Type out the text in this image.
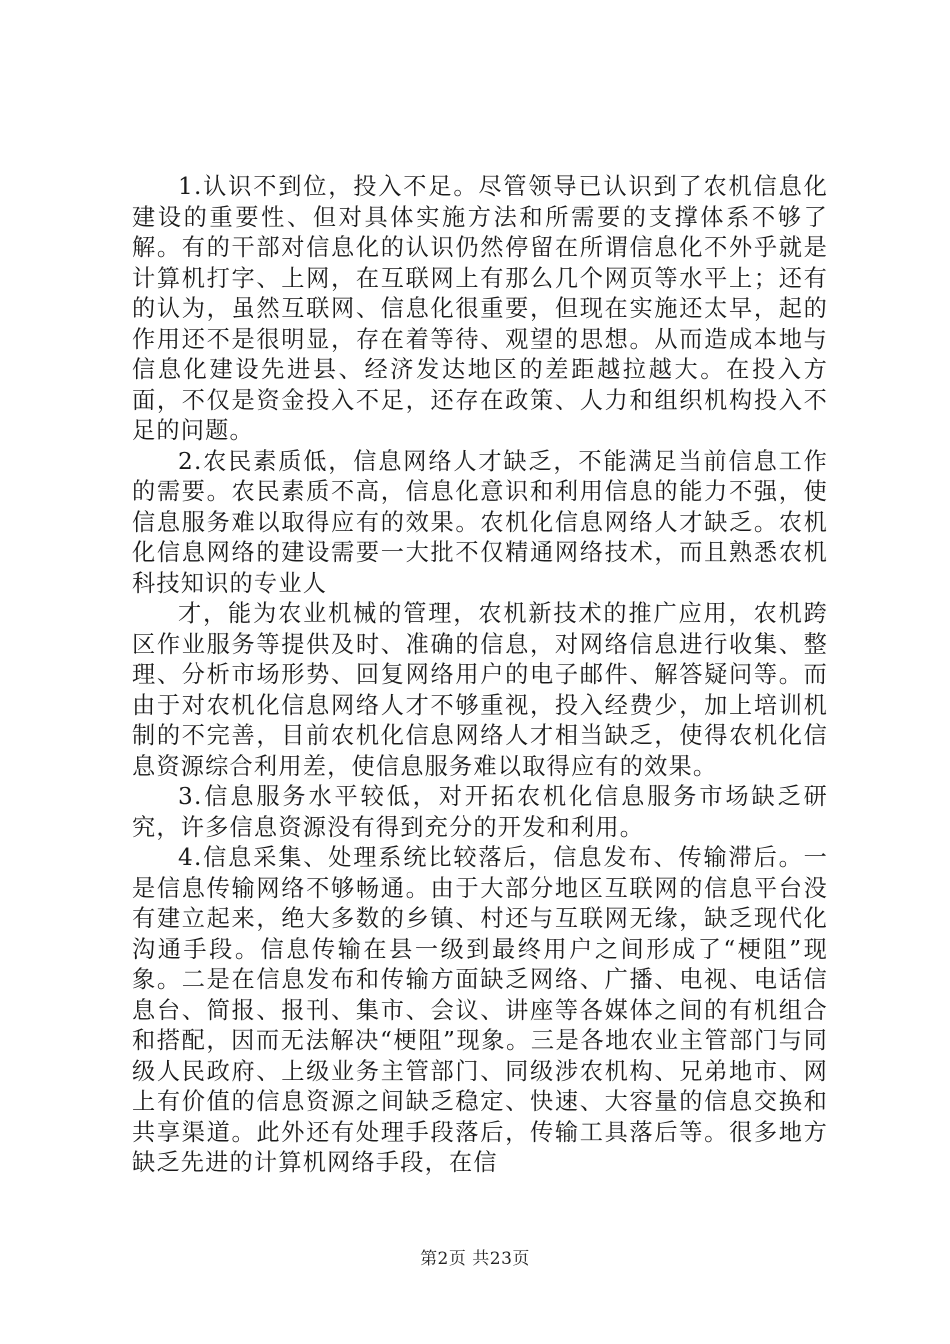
1.认识不到位，投入不足。尽管领导已认识到了农机信息化建设的重要性、但对具体实施方法和所需要的支撑体系不够了解。有的干部对信息化的认识仍然停留在所谓信息化不外乎就是计算机打字、上网，在互联网上有那么几个网页等水平上；还有的认为，虽然互联网、信息化很重要，但现在实施还太早，起的作用还不是很明显，存在着等待、观望的思想。从而造成本地与信息化建设先进县、经济发达地区的差距越拉越大。在投入方面，不仅是资金投入不足，还存在政策、人力和组织机构投入不足的问题。

2.农民素质低，信息网络人才缺乏，不能满足当前信息工作的需要。农民素质不高，信息化意识和利用信息的能力不强，使信息服务难以取得应有的效果。农机化信息网络人才缺乏。农机化信息网络的建设需要一大批不仅精通网络技术，而且熟悉农机科技知识的专业人

才，能为农业机械的管理，农机新技术的推广应用，农机跨区作业服务等提供及时、准确的信息，对网络信息进行收集、整理、分析市场形势、回复网络用户的电子邮件、解答疑问等。而由于对农机化信息网络人才不够重视，投入经费少，加上培训机制的不完善，目前农机化信息网络人才相当缺乏，使得农机化信息资源综合利用差，使信息服务难以取得应有的效果。

3.信息服务水平较低，对开拓农机化信息服务市场缺乏研究，许多信息资源没有得到充分的开发和利用。

4.信息采集、处理系统比较落后，信息发布、传输滞后。一是信息传输网络不够畅通。由于大部分地区互联网的信息平台没有建立起来，绝大多数的乡镇、村还与互联网无缘，缺乏现代化沟通手段。信息传输在县一级到最终用户之间形成了“梗阻”现象。二是在信息发布和传输方面缺乏网络、广播、电视、电话信息台、简报、报刊、集市、会议、讲座等各媒体之间的有机组合和搭配，因而无法解决“梗阻”现象。三是各地农业主管部门与同级人民政府、上级业务主管部门、同级涉农机构、兄弟地市、网上有价值的信息资源之间缺乏稳定、快速、大容量的信息交换和共享渠道。此外还有处理手段落后，传输工具落后等。很多地方缺乏先进的计算机网络手段，在信

第2页 共23页
